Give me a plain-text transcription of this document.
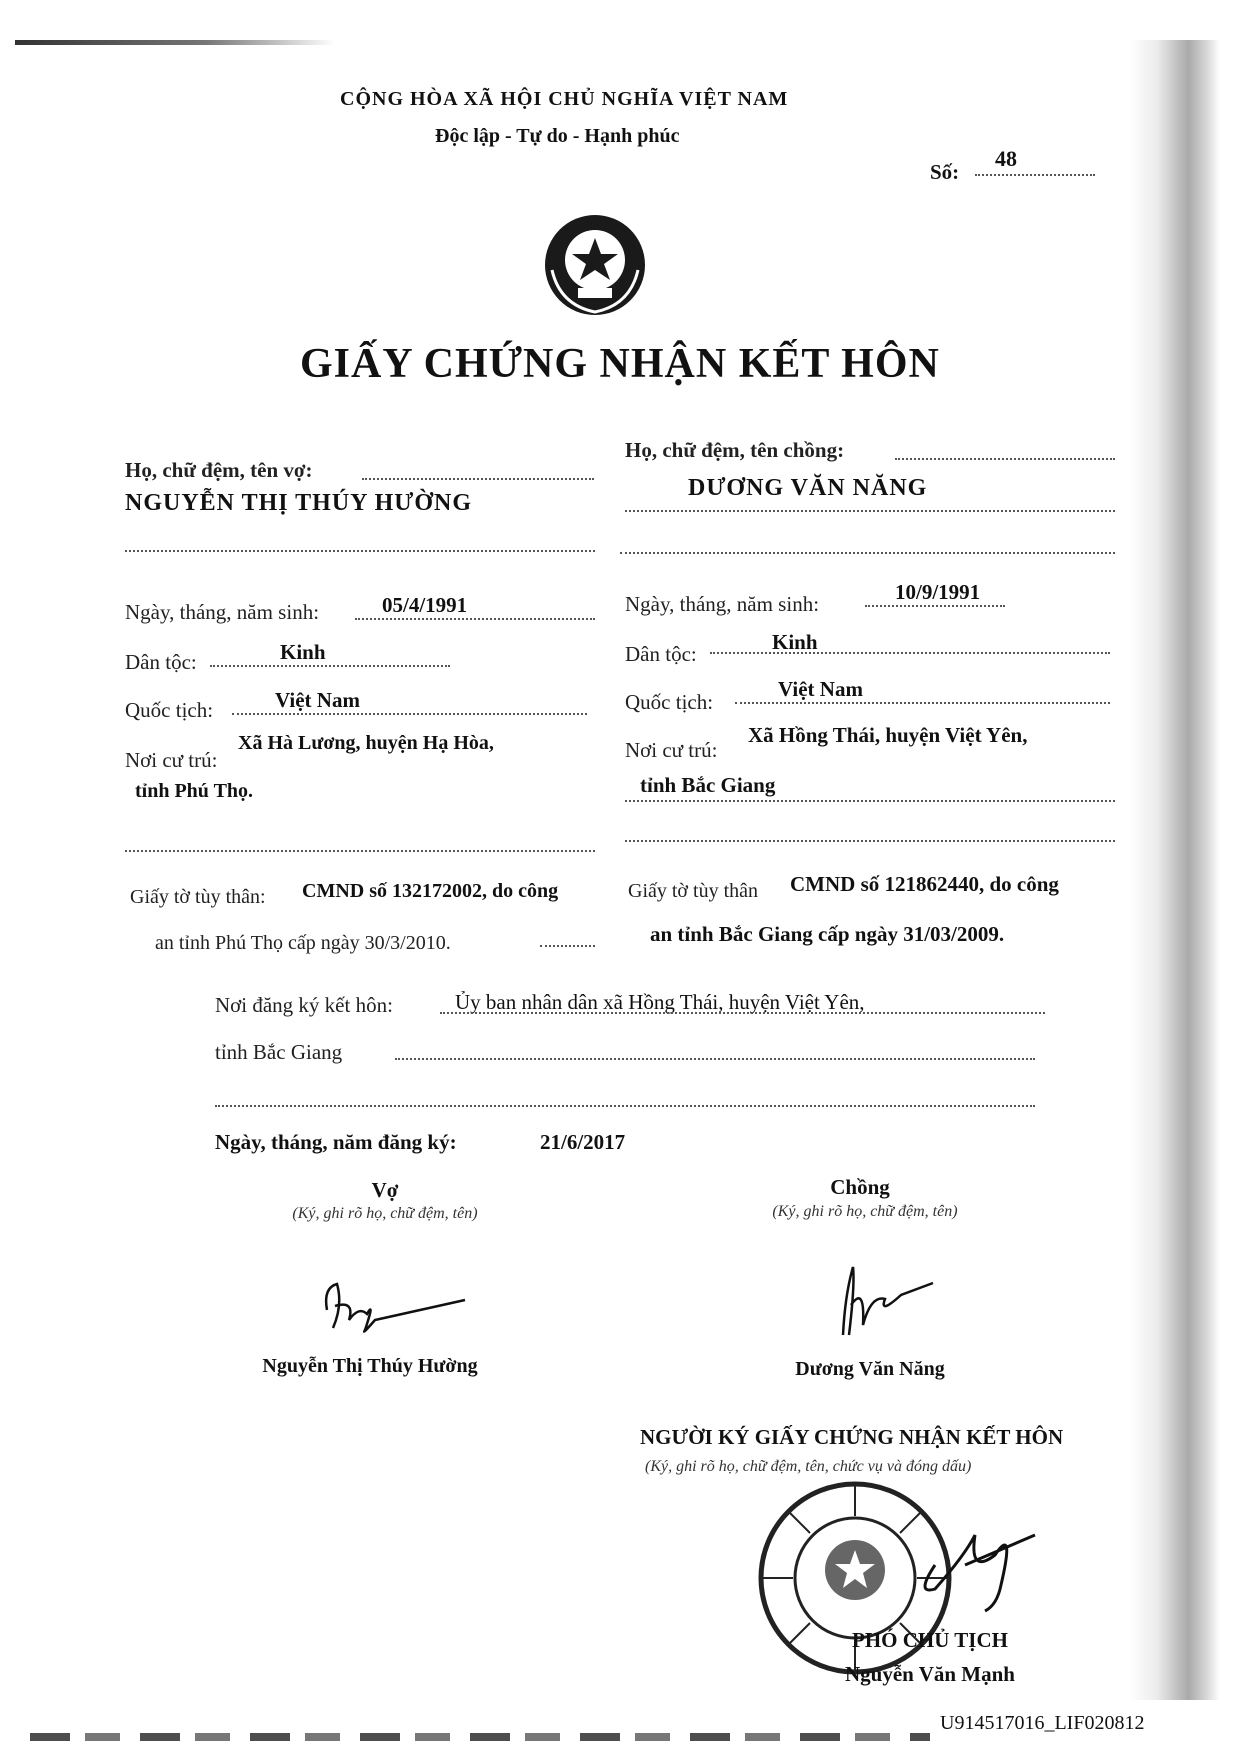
CỘNG HÒA XÃ HỘI CHỦ NGHĨA VIỆT NAM
Độc lập - Tự do - Hạnh phúc
Số:
48
GIẤY CHỨNG NHẬN KẾT HÔN
Họ, chữ đệm, tên vợ:
NGUYỄN THỊ THÚY HƯỜNG
Ngày, tháng, năm sinh:	05/4/1991
Dân tộc:	Kinh
Quốc tịch:	Việt Nam
Nơi cư trú:
Xã Hà Lương, huyện Hạ Hòa,
tỉnh Phú Thọ.
Họ, chữ đệm, tên chồng:
DƯƠNG VĂN NĂNG
Ngày, tháng, năm sinh:	10/9/1991
Dân tộc:	Kinh
Quốc tịch:
Việt Nam
Nơi cư trú:
Xã Hồng Thái, huyện Việt Yên,
tỉnh Bắc Giang
Giấy tờ tùy thân: CMND số 132172002, do công	Giấy tờ tùy thân CMND số 121862440, do công
an tỉnh Phú Thọ cấp ngày 30/3/2010.	an tỉnh Bắc Giang cấp ngày 31/03/2009.
Nơi đăng ký kết hôn:	Ủy ban nhân dân xã Hồng Thái, huyện Việt Yên,
tỉnh Bắc Giang
Ngày, tháng, năm đăng ký:	21/6/2017
Vợ
(Ký, ghi rõ họ, chữ đệm, tên)
Nguyễn Thị Thúy Hường
Chồng
(Ký, ghi rõ họ, chữ đệm, tên)
Dương Văn Năng
NGƯỜI KÝ GIẤY CHỨNG NHẬN KẾT HÔN
(Ký, ghi rõ họ, chữ đệm, tên, chức vụ và đóng dấu)
PHÓ CHỦ TỊCH
Nguyễn Văn Mạnh
U914517016_LIF020812
